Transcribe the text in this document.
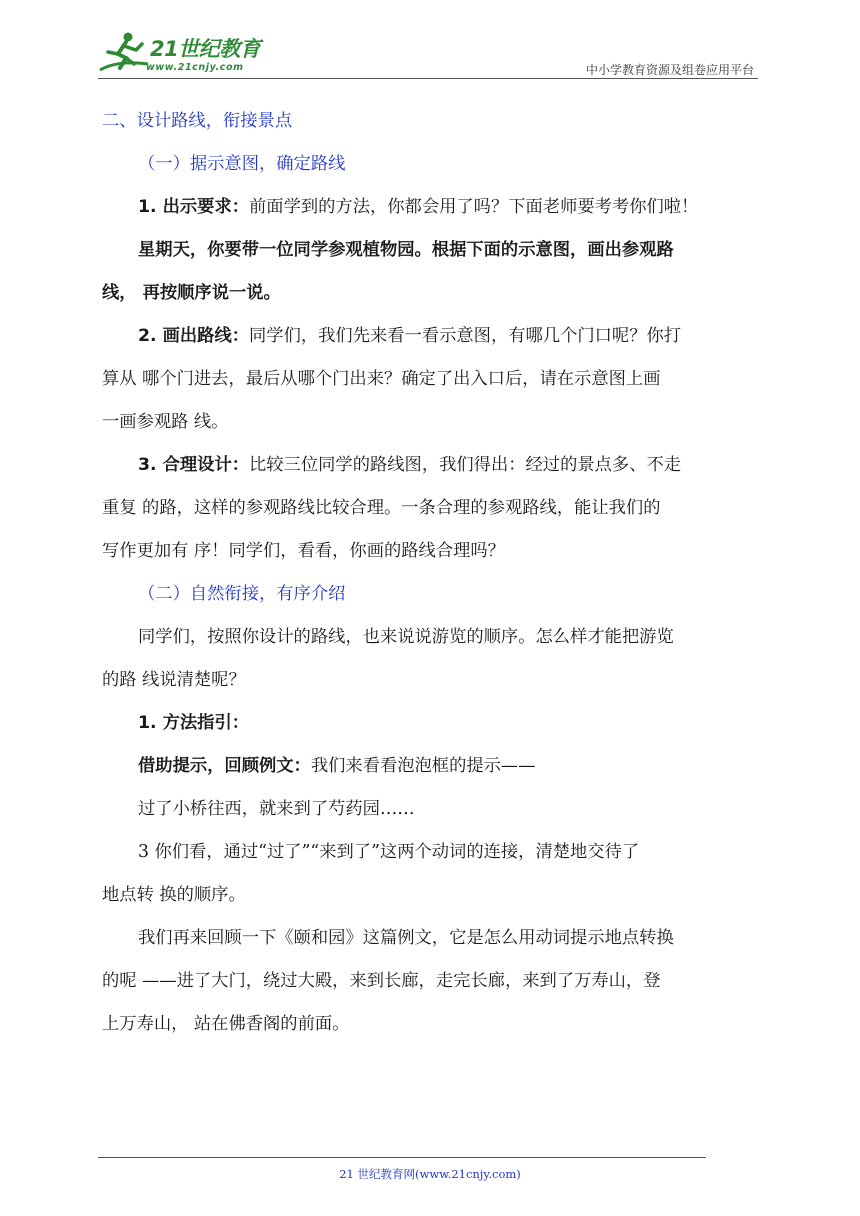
21世纪教育
www.21cnjy.com	中小学教育资源及组卷应用平台

二、设计路线，衔接景点

（一）据示意图，确定路线

1. 出示要求：前面学到的方法，你都会用了吗？下面老师要考考你们啦！

星期天，你要带一位同学参观植物园。根据下面的示意图，画出参观路

线， 再按顺序说一说。

2. 画出路线：同学们，我们先来看一看示意图，有哪几个门口呢？你打

算从 哪个门进去，最后从哪个门出来？确定了出入口后，请在示意图上画

一画参观路 线。

3. 合理设计：比较三位同学的路线图，我们得出：经过的景点多、不走

重复 的路，这样的参观路线比较合理。一条合理的参观路线，能让我们的

写作更加有 序！同学们，看看，你画的路线合理吗？

（二）自然衔接，有序介绍

同学们，按照你设计的路线，也来说说游览的顺序。怎么样才能把游览

的路 线说清楚呢？

1. 方法指引：

借助提示，回顾例文：我们来看看泡泡框的提示——

过了小桥往西，就来到了芍药园……

3 你们看，通过“过了”“来到了”这两个动词的连接，清楚地交待了

地点转 换的顺序。

我们再来回顾一下《颐和园》这篇例文，它是怎么用动词提示地点转换

的呢 ——进了大门，绕过大殿，来到长廊，走完长廊，来到了万寿山，登

上万寿山， 站在佛香阁的前面。

21 世纪教育网(www.21cnjy.com)
